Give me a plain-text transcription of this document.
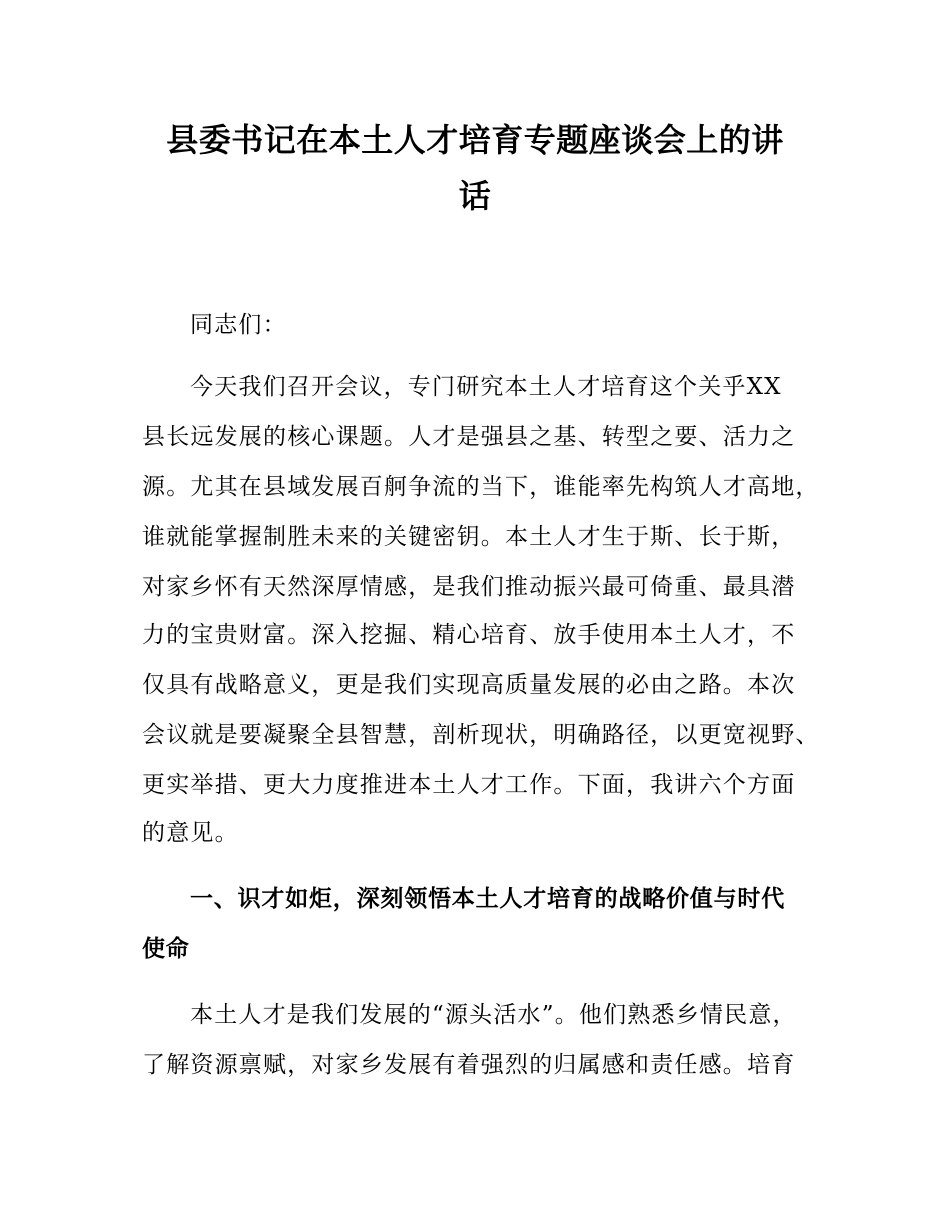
县委书记在本土人才培育专题座谈会上的讲
话
同志们：
今天我们召开会议，专门研究本土人才培育这个关乎XX
县长远发展的核心课题。人才是强县之基、转型之要、活力之
源。尤其在县域发展百舸争流的当下，谁能率先构筑人才高地，
谁就能掌握制胜未来的关键密钥。本土人才生于斯、长于斯，
对家乡怀有天然深厚情感，是我们推动振兴最可倚重、最具潜
力的宝贵财富。深入挖掘、精心培育、放手使用本土人才，不
仅具有战略意义，更是我们实现高质量发展的必由之路。本次
会议就是要凝聚全县智慧，剖析现状，明确路径，以更宽视野、
更实举措、更大力度推进本土人才工作。下面，我讲六个方面
的意见。
一、识才如炬，深刻领悟本土人才培育的战略价值与时代
使命
本土人才是我们发展的“源头活水”。他们熟悉乡情民意，
了解资源禀赋，对家乡发展有着强烈的归属感和责任感。培育
